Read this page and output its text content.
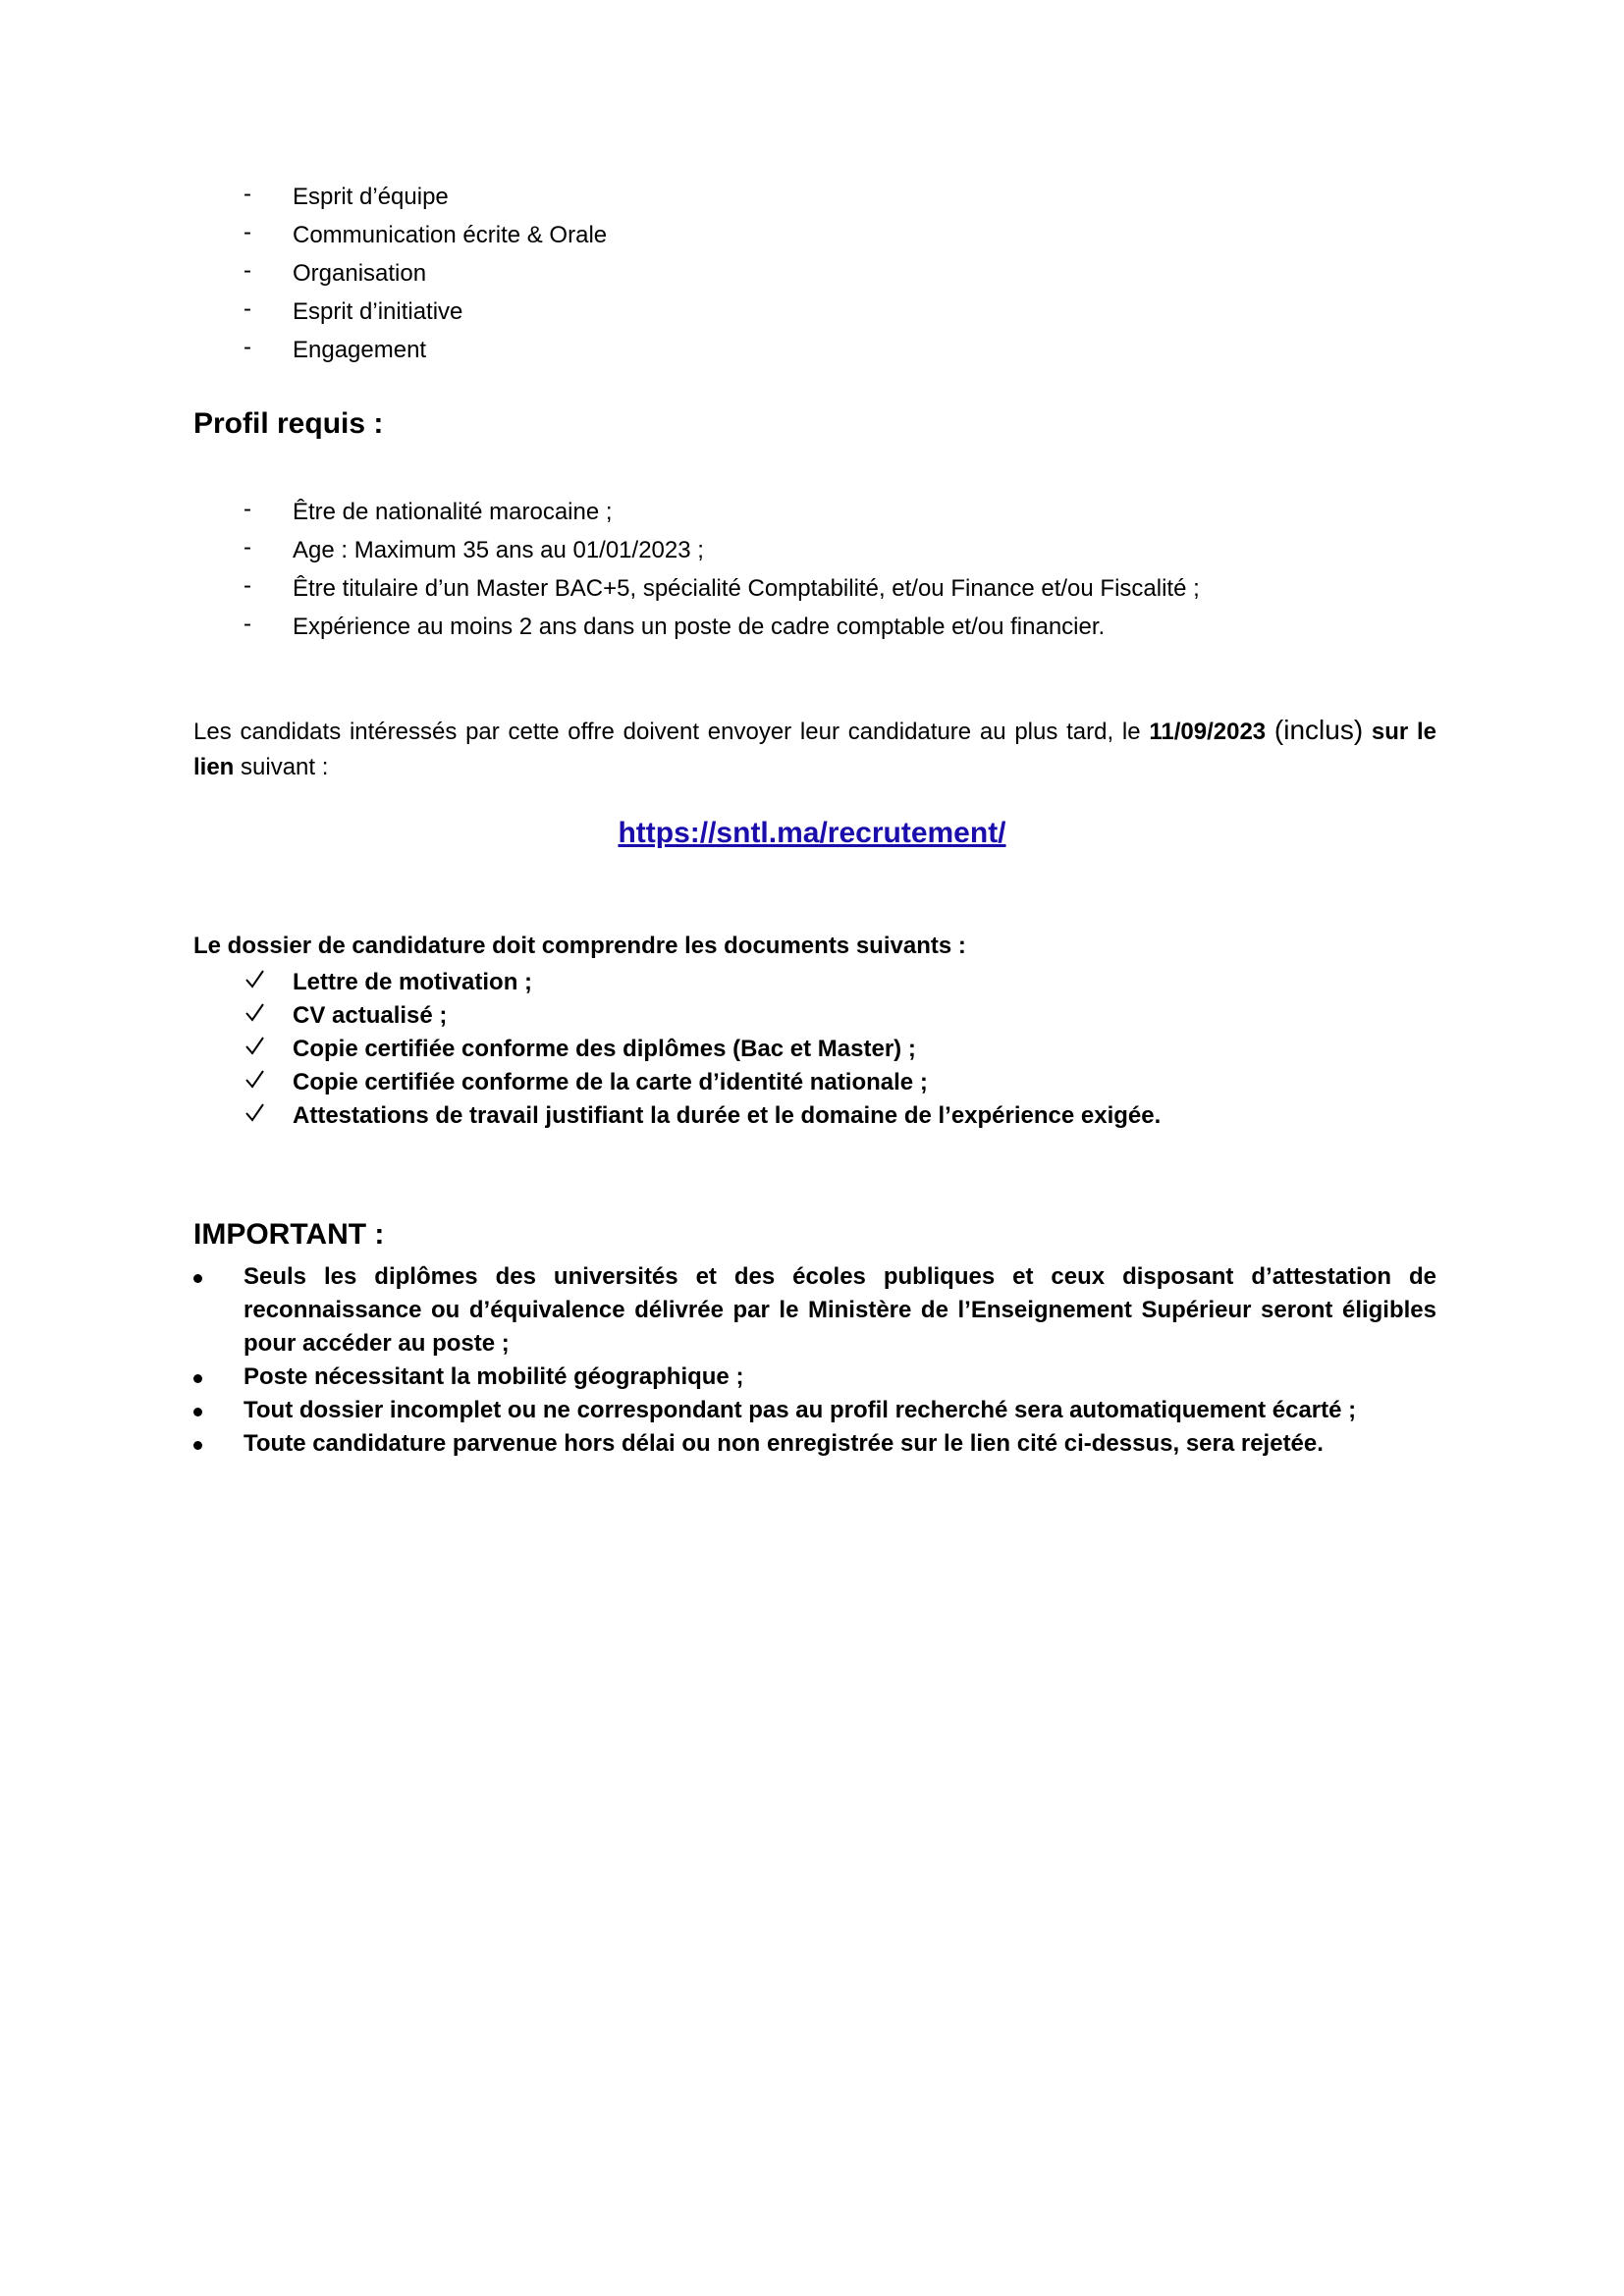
- Esprit d’équipe
- Communication écrite & Orale
- Organisation
- Esprit d’initiative
- Engagement
Profil requis :
- Être de nationalité marocaine ;
- Age : Maximum 35 ans au 01/01/2023 ;
- Être titulaire d’un Master BAC+5, spécialité Comptabilité, et/ou Finance et/ou Fiscalité ;
- Expérience au moins 2 ans dans un poste de cadre comptable et/ou financier.
Les candidats intéressés par cette offre doivent envoyer leur candidature au plus tard, le 11/09/2023 (inclus) sur le lien suivant :
https://sntl.ma/recrutement/
Le dossier de candidature doit comprendre les documents suivants :
Lettre de motivation ;
CV actualisé ;
Copie certifiée conforme des diplômes (Bac et Master) ;
Copie certifiée conforme de la carte d’identité nationale ;
Attestations de travail justifiant la durée et le domaine de l’expérience exigée.
IMPORTANT :
Seuls les diplômes des universités et des écoles publiques et ceux disposant d’attestation de reconnaissance ou d’équivalence délivrée par le Ministère de l’Enseignement Supérieur seront éligibles pour accéder au poste ;
Poste nécessitant la mobilité géographique ;
Tout dossier incomplet ou ne correspondant pas au profil recherché sera automatiquement écarté ;
Toute candidature parvenue hors délai ou non enregistrée sur le lien cité ci-dessus, sera rejetée.
